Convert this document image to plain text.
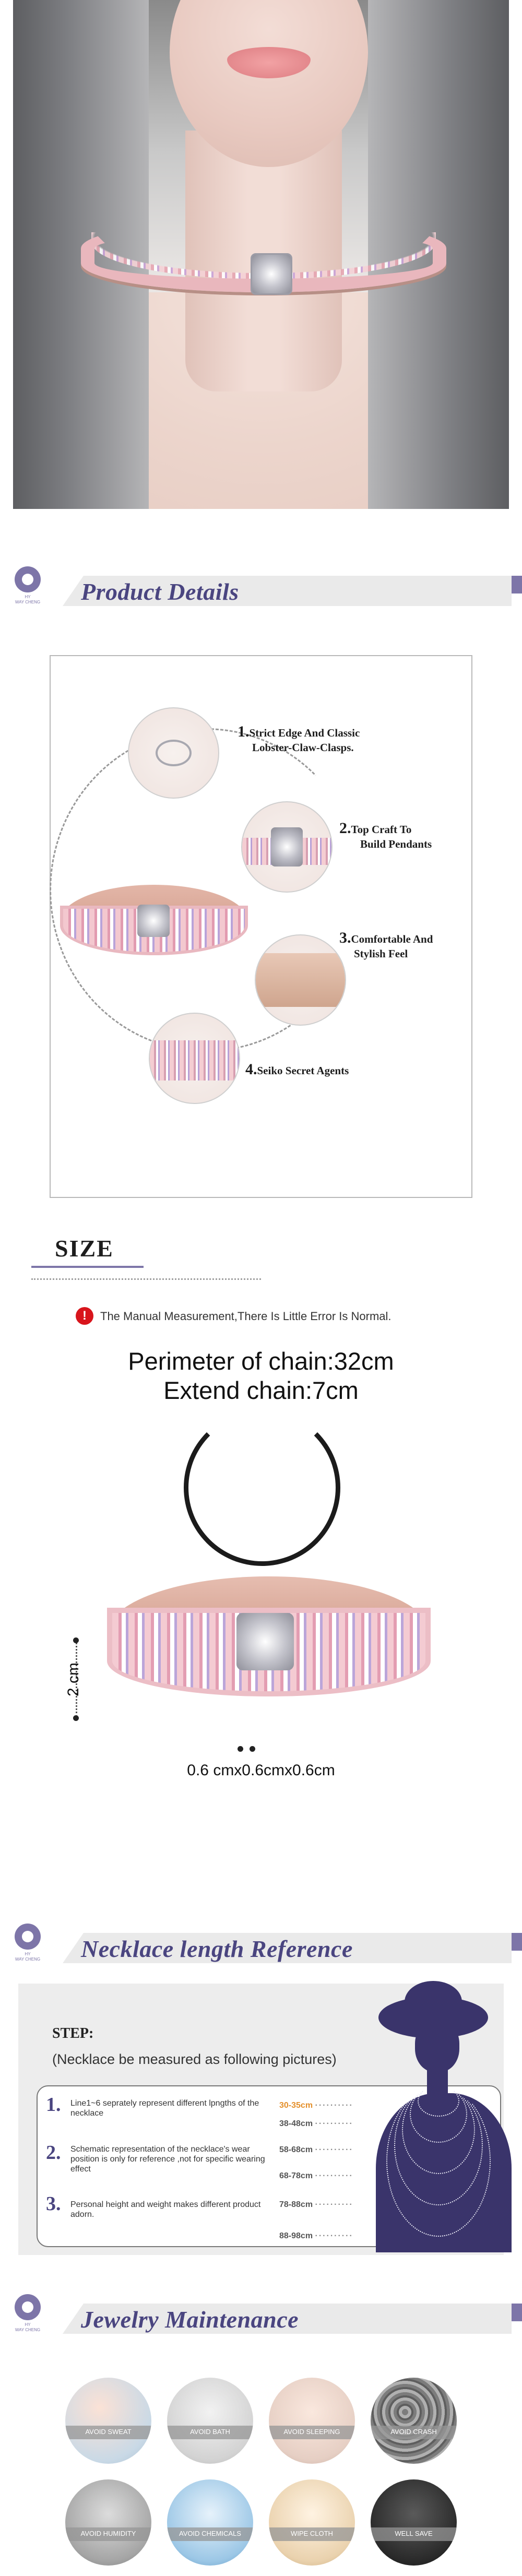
HY
WAY CHENG Product Details
1.Strict Edge And Classic
Lobster-Claw-Clasps.
2.Top Craft To
Build Pendants
3.Comfortable And
Stylish Feel
4.Seiko Secret Agents
SIZE
!	The Manual Measurement,There Is Little Error Is Normal.
Perimeter of chain:32cm
Extend chain:7cm
2 cm
0.6 cmx0.6cmx0.6cm
HY
WAY CHENG Necklace length Reference
STEP:
(Necklace be measured as following pictures)
1. Line1~6 seprately represent different lpngths of the necklace
2. Schematic representation of the necklace's wear position is only for reference ,not for specific wearing effect
3. Personal height and weight makes different product adorn.
30-35cm ··········
38-48cm ··········
58-68cm ··········
68-78cm ··········
78-88cm ··········
88-98cm ··········
HY
WAY CHENG Jewelry Maintenance
AVOID SWEAT	AVOID BATH	AVOID SLEEPING	AVOID CRASH
AVOID HUMIDITY	AVOID CHEMICALS	WIPE CLOTH	WELL SAVE
